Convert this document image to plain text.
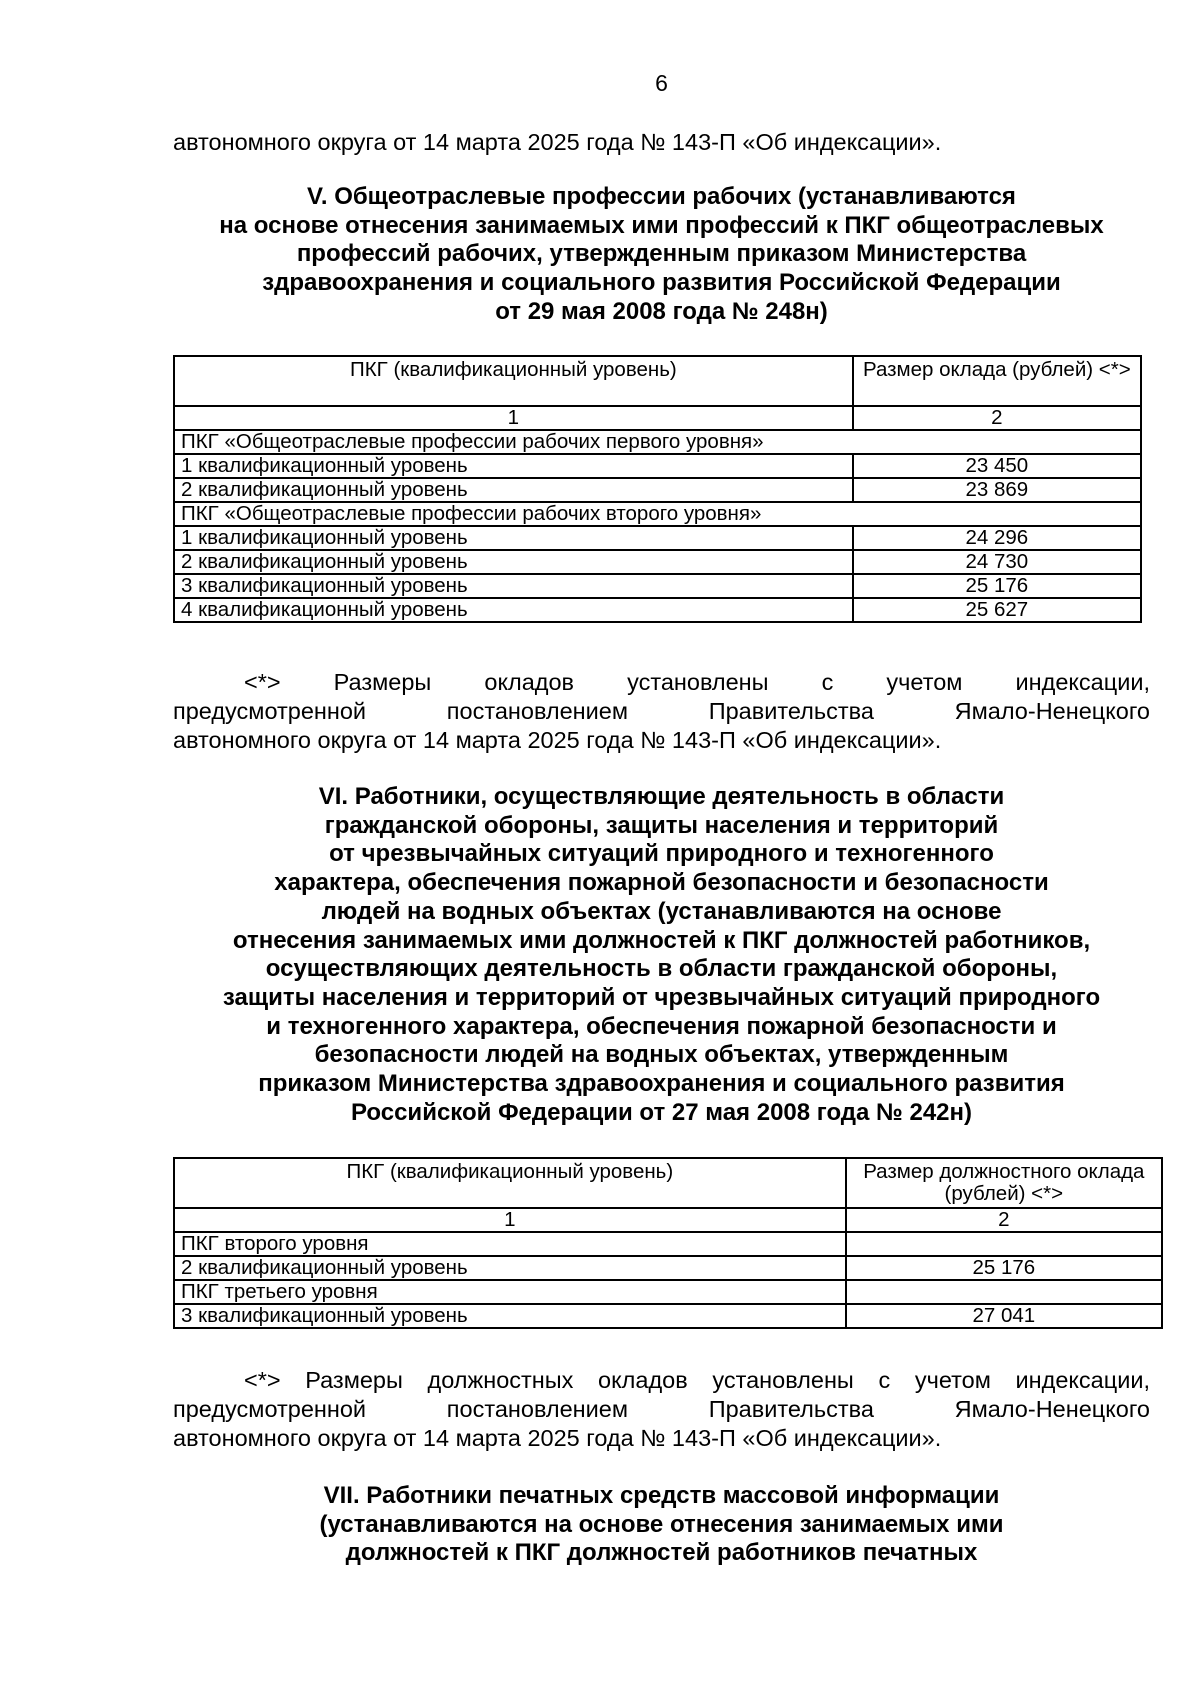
6

автономного округа от 14 марта 2025 года № 143-П «Об индексации».

V. Общеотраслевые профессии рабочих (устанавливаются
на основе отнесения занимаемых ими профессий к ПКГ общеотраслевых
профессий рабочих, утвержденным приказом Министерства
здравоохранения и социального развития Российской Федерации
от 29 мая 2008 года № 248н)
ПКГ (квалификационный уровень)	Размер оклада (рублей) <*>
1	2
ПКГ «Общеотраслевые профессии рабочих первого уровня»	
1 квалификационный уровень	23 450
2 квалификационный уровень	23 869
ПКГ «Общеотраслевые профессии рабочих второго уровня»	
1 квалификационный уровень	24 296
2 квалификационный уровень	24 730
3 квалификационный уровень	25 176
4 квалификационный уровень	25 627

<*> Размеры окладов установлены с учетом индексации,

предусмотренной постановлением Правительства Ямало-Ненецкого

автономного округа от 14 марта 2025 года № 143-П «Об индексации».

VI. Работники, осуществляющие деятельность в области
гражданской обороны, защиты населения и территорий
от чрезвычайных ситуаций природного и техногенного
характера, обеспечения пожарной безопасности и безопасности
людей на водных объектах (устанавливаются на основе
отнесения занимаемых ими должностей к ПКГ должностей работников,
осуществляющих деятельность в области гражданской обороны,
защиты населения и территорий от чрезвычайных ситуаций природного
и техногенного характера, обеспечения пожарной безопасности и
безопасности людей на водных объектах, утвержденным
приказом Министерства здравоохранения и социального развития
Российской Федерации от 27 мая 2008 года № 242н)
ПКГ (квалификационный уровень)	Размер должностного оклада (рублей) <*>
1	2
ПКГ второго уровня	
2 квалификационный уровень	25 176
ПКГ третьего уровня	
3 квалификационный уровень	27 041

<*> Размеры должностных окладов установлены с учетом индексации,

предусмотренной постановлением Правительства Ямало-Ненецкого

автономного округа от 14 марта 2025 года № 143-П «Об индексации».

VII. Работники печатных средств массовой информации
(устанавливаются на основе отнесения занимаемых ими
должностей к ПКГ должностей работников печатных
